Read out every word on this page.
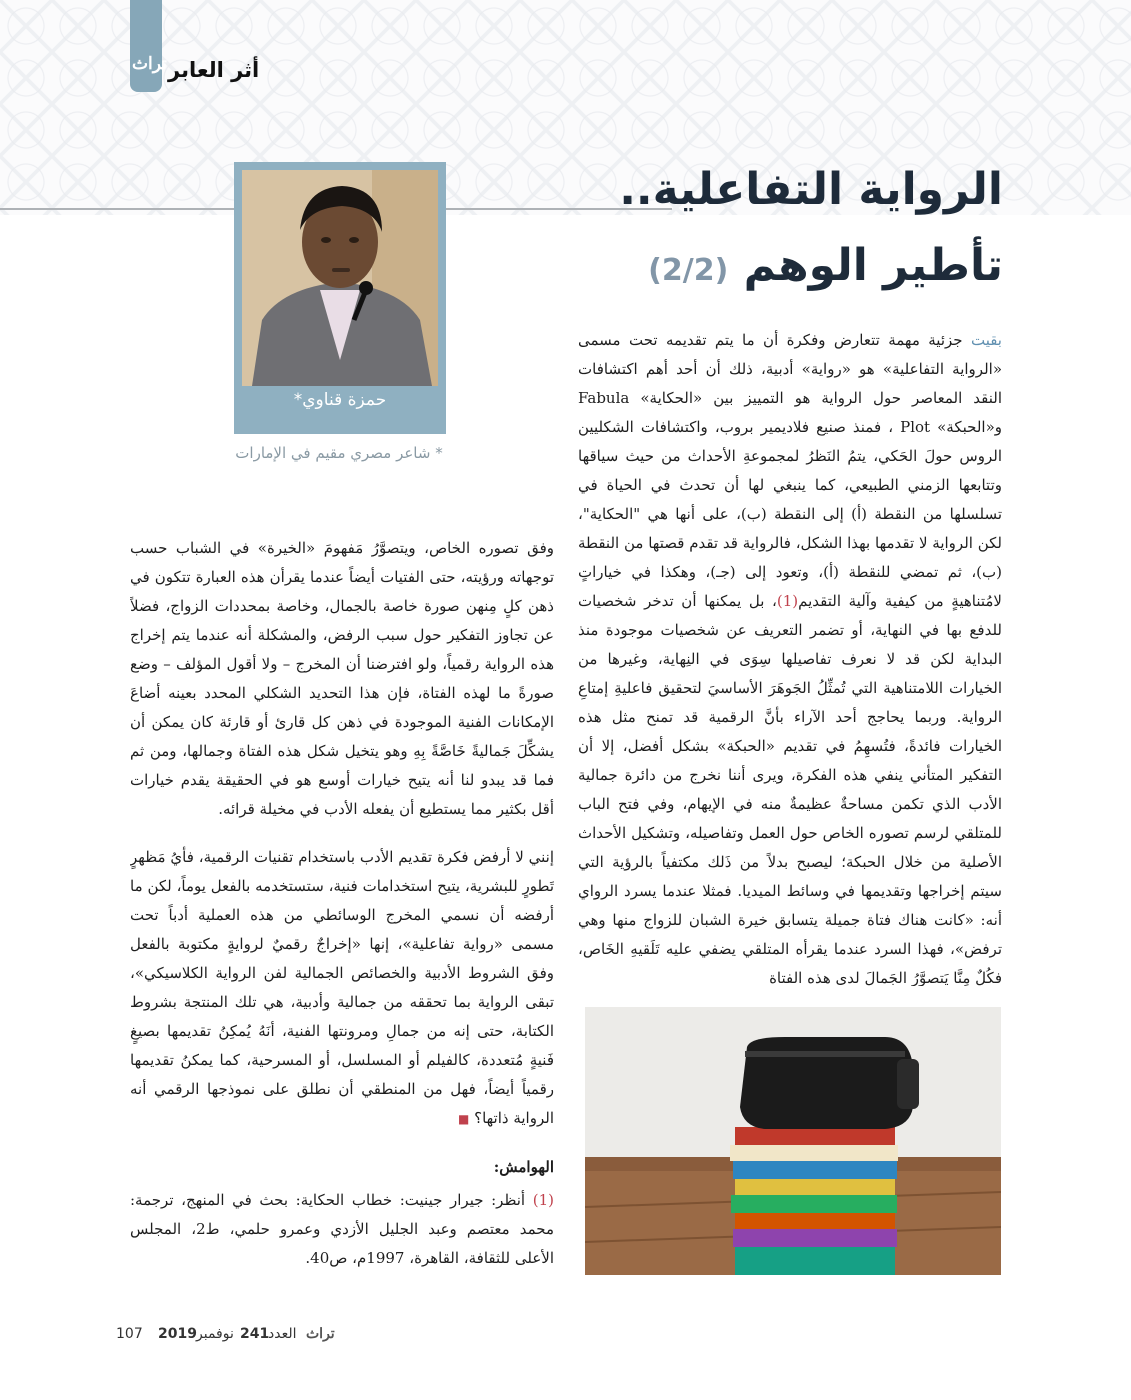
تراث أثر العابر
حمزة قناوي*
* شاعر مصري مقيم في الإمارات
الرواية التفاعلية..
تأطير الوهم (2/2)

بقيت جزئية مهمة تتعارض وفكرة أن ما يتم تقديمه تحت مسمى «الرواية التفاعلية» هو «رواية» أدبية، ذلك أن أحد أهم اكتشافات النقد المعاصر حول الرواية هو التمييز بين «الحكاية» Fabula و«الحبكة» Plot ، فمنذ صنيع فلاديمير بروب، واكتشافات الشكليين الروس حولَ الحَكي، يتمُ النَظرُ لمجموعةِ الأحداث من حيث سياقها وتتابعها الزمني الطبيعي، كما ينبغي لها أن تحدث في الحياة في تسلسلها من النقطة (أ) إلى النقطة (ب)، على أنها هي "الحكاية"، لكن الرواية لا تقدمها بهذا الشكل، فالرواية قد تقدم قصتها من النقطة (ب)، ثم تمضي للنقطة (أ)، وتعود إلى (جـ)، وهكذا في خياراتٍ لامُتناهيةٍ من كيفية وآلية التقديم(1)، بل يمكنها أن تدخر شخصيات للدفع بها في النهاية، أو تضمر التعريف عن شخصيات موجودة منذ البداية لكن قد لا نعرف تفاصيلها سِوَى في النِهاية، وغيرها من الخيارات اللامتناهية التي تُمثِّلُ الجَوهَرَ الأساسيَ لتحقيق فاعليةِ إمتاعِ الرواية. وربما يحاجج أحد الآراء بأنَّ الرقمية قد تمنح مثل هذه الخيارات فائدةً، فتُسهِمُ في تقديم «الحبكة» بشكل أفضل، إلا أن التفكير المتأني ينفي هذه الفكرة، ويرى أننا نخرج من دائرة جمالية الأدب الذي تكمن مساحةٌ عظيمةٌ منه في الإيهام، وفي فتح الباب للمتلقي لرسم تصوره الخاص حول العمل وتفاصيله، وتشكيل الأحداث الأصلية من خلال الحبكة؛ ليصبح بدلاً من ذَلك مكتفياً بالرؤية التي سيتم إخراجها وتقديمها في وسائط الميديا. فمثلا عندما يسرد الرواي أنه: «كانت هناك فتاة جميلة يتسابق خيرة الشبان للزواج منها وهي ترفض»، فهذا السرد عندما يقرأه المتلقي يضفي عليه تَلَقيهِ الخَاص، فكُلٌ مِنَّا يَتصوَّرُ الجَمالَ لدى هذه الفتاة

وفق تصوره الخاص، ويتصوَّرُ مَفهومَ «الخيرة» في الشباب حسب توجهاته ورؤيته، حتى الفتيات أيضاً عندما يقرأن هذه العبارة تتكون في ذهن كلٍ مِنهن صورة خاصة بالجمال، وخاصة بمحددات الزواج، فضلاً عن تجاوز التفكير حول سبب الرفض، والمشكلة أنه عندما يتم إخراج هذه الرواية رقمياً، ولو افترضنا أن المخرج – ولا أقول المؤلف – وضع صورةً ما لهذه الفتاة، فإن هذا التحديد الشكلي المحدد بعينه أضاعَ الإمكانات الفنية الموجودة في ذهن كل قارئ أو قارئة كان يمكن أن يشكِّلَ جَماليةً خَاصَّةً بِهِ وهو يتخيل شكل هذه الفتاة وجمالها، ومن ثم فما قد يبدو لنا أنه يتيح خيارات أوسع هو في الحقيقة يقدم خيارات أقل بكثير مما يستطيع أن يفعله الأدب في مخيلة قرائه.

إنني لا أرفض فكرة تقديم الأدب باستخدام تقنيات الرقمية، فأيُ مَظهرٍ تَطورٍ للبشرية، يتيح استخدامات فنية، ستستخدمه بالفعل يوماً، لكن ما أرفضه أن نسمي المخرج الوسائطي من هذه العملية أدباً تحت مسمى «رواية تفاعلية»، إنها «إخراجٌ رقميٌ لروايةٍ مكتوبة بالفعل وفق الشروط الأدبية والخصائص الجمالية لفن الرواية الكلاسيكي»، تبقى الرواية بما تحققه من جمالية وأدبية، هي تلك المنتجة بشروط الكتابة، حتى إنه من جمالِ ومرونتها الفنية، أنَهُ يُمكِنُ تقديمها بصيغٍ فَنيةٍ مُتعددة، كالفيلم أو المسلسل، أو المسرحية، كما يمكنُ تقديمها رقمياً أيضاً، فهل من المنطقي أن نطلق على نموذجها الرقمي أنه الرواية ذاتها؟ ■

الهوامش:
(1) أنظر: جيرار جينيت: خطاب الحكاية: بحث في المنهج، ترجمة: محمد معتصم وعبد الجليل الأزدي وعمرو حلمي، ط2، المجلس الأعلى للثقافة، القاهرة، 1997م، ص40.
107 2019 نوفمبر 241
العدد تراث
